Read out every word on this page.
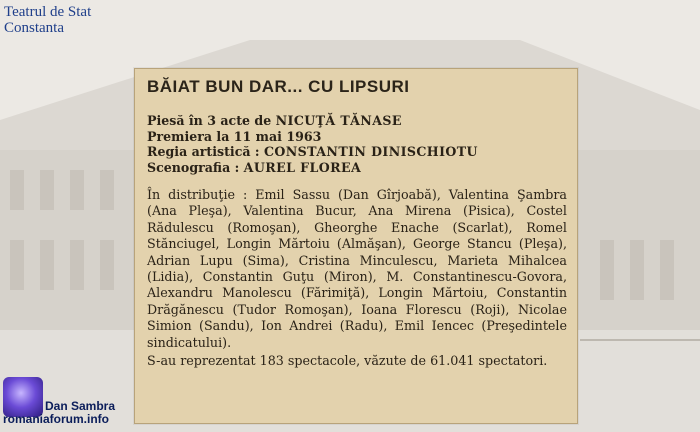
Teatrul de Stat
Constanta
BĂIAT BUN DAR... CU LIPSURI
Piesă în 3 acte de NICUŢĂ TĂNASE
Premiera la 11 mai 1963
Regia artistică : CONSTANTIN DINISCHIOTU
Scenografia : AUREL FLOREA
În distribuţie : Emil Sassu (Dan Gîrjoabă), Valentina Şambra (Ana Pleşa), Valentina Bucur, Ana Mirena (Pisica), Costel Rădulescu (Romoşan), Gheorghe Enache (Scarlat), Romel Stănciugel, Longin Mărtoiu (Almăşan), George Stancu (Pleşa), Adrian Lupu (Sima), Cristina Minculescu, Marieta Mihalcea (Lidia), Constantin Guţu (Miron), M. Constantinescu-Govora, Alexandru Manolescu (Fărimiţă), Longin Mărtoiu, Constantin Drăgănescu (Tudor Romoşan), Ioana Florescu (Roji), Nicolae Simion (Sandu), Ion Andrei (Radu), Emil Iencec (Preşedintele sindicatului).
S-au reprezentat 183 spectacole, văzute de 61.041 spectatori.
Dan Sambra
romaniaforum.info
